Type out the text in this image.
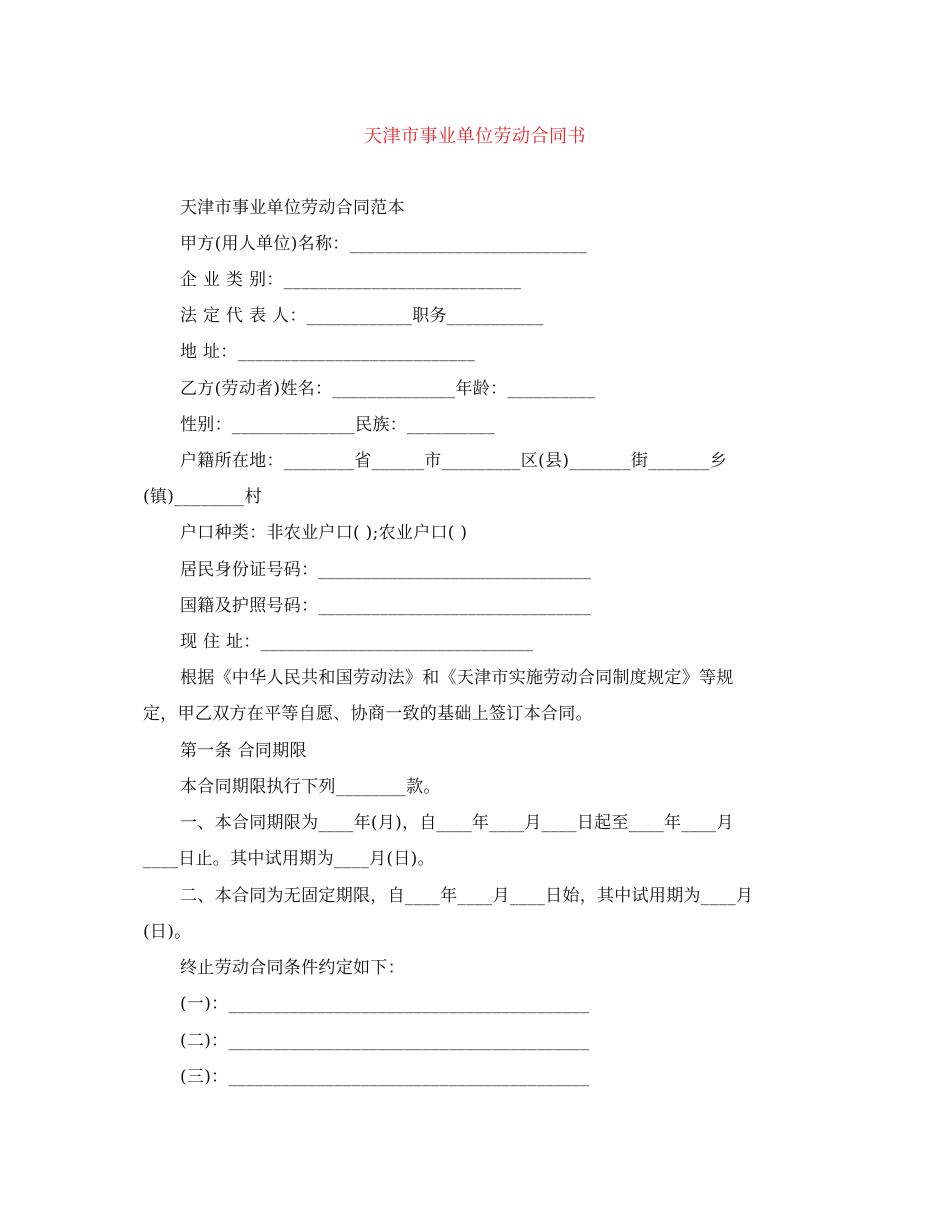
天津市事业单位劳动合同书
天津市事业单位劳动合同范本
甲方(用人单位)名称：___________________________
企 业 类 别：___________________________
法 定 代 表 人：____________职务___________
地 址：___________________________
乙方(劳动者)姓名：______________年龄：__________
性别：______________民族：__________
户籍所在地：________省______市_________区(县)_______街_______乡
(镇)________村
户口种类：非农业户口( );农业户口( )
居民身份证号码：_______________________________
国籍及护照号码：_______________________________
现 住 址：_______________________________
根据《中华人民共和国劳动法》和《天津市实施劳动合同制度规定》等规
定，甲乙双方在平等自愿、协商一致的基础上签订本合同。
第一条 合同期限
本合同期限执行下列________款。
一、本合同期限为____年(月)，自____年____月____日起至____年____月
____日止。其中试用期为____月(日)。
二、本合同为无固定期限，自____年____月____日始，其中试用期为____月
(日)。
终止劳动合同条件约定如下：
(一)：_________________________________________
(二)：_________________________________________
(三)：_________________________________________
